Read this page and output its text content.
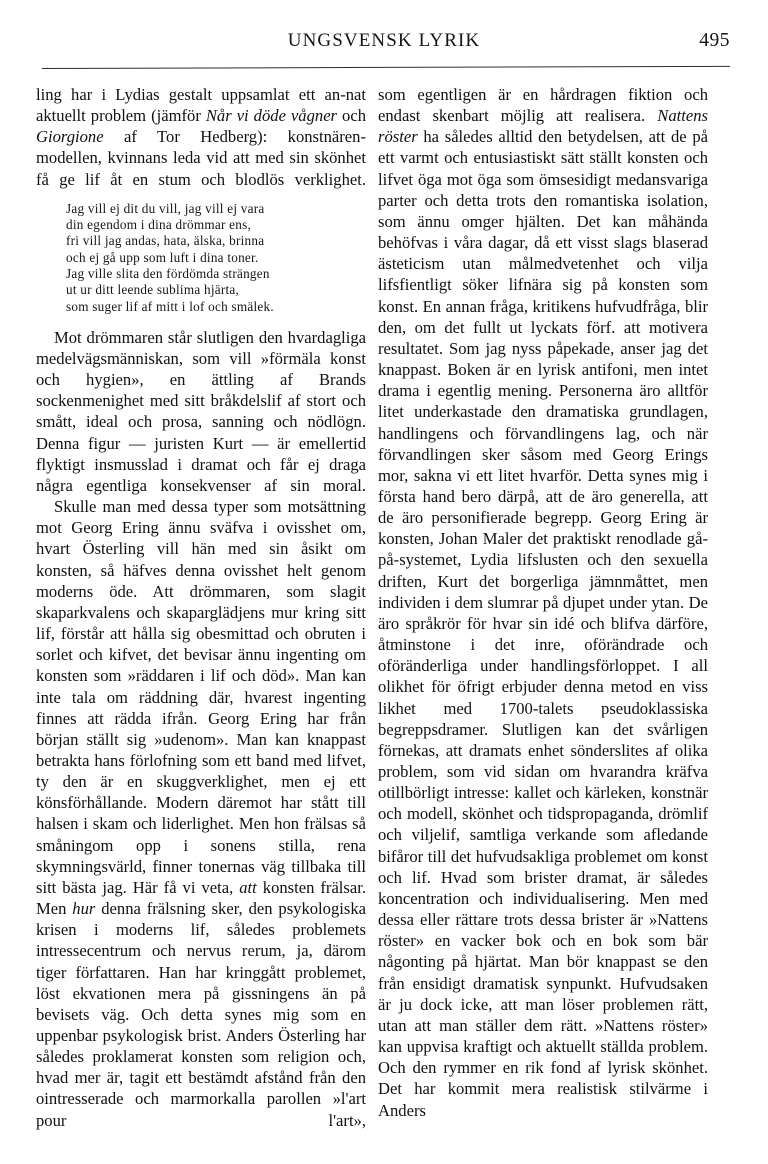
UNGSVENSK LYRIK	495

ling har i Lydias gestalt uppsamlat ett an-nat aktuellt problem (jämför Når vi döde vågner och Giorgione af Tor Hedberg): konstnären-modellen, kvinnans leda vid att med sin skönhet få ge lif åt en stum och blodlös verklighet.

Jag vill ej dit du vill, jag vill ej vara
din egendom i dina drömmar ens,
fri vill jag andas, hata, älska, brinna
och ej gå upp som luft i dina toner.
Jag ville slita den fördömda strängen
ut ur ditt leende sublima hjärta,
som suger lif af mitt i lof och smälek.

Mot drömmaren står slutligen den hvardagliga medelvägsmänniskan, som vill »förmäla konst och hygien», en ättling af Brands sockenmenighet med sitt bråkdelslif af stort och smått, ideal och prosa, sanning och nödlögn. Denna figur — juristen Kurt — är emellertid flyktigt insmusslad i dramat och får ej draga några egentliga konsekvenser af sin moral.

Skulle man med dessa typer som motsättning mot Georg Ering ännu sväfva i ovisshet om, hvart Österling vill hän med sin åsikt om konsten, så häfves denna ovisshet helt genom moderns öde. Att drömmaren, som slagit skaparkvalens och skaparglädjens mur kring sitt lif, förstår att hålla sig obesmittad och obruten i sorlet och kifvet, det bevisar ännu ingenting om konsten som »räddaren i lif och död». Man kan inte tala om räddning där, hvarest ingenting finnes att rädda ifrån. Georg Ering har från början ställt sig »udenom». Man kan knappast betrakta hans förlofning som ett band med lifvet, ty den är en skuggverklighet, men ej ett könsförhållande. Modern däremot har stått till halsen i skam och liderlighet. Men hon frälsas så småningom opp i sonens stilla, rena skymningsvärld, finner tonernas väg tillbaka till sitt bästa jag. Här få vi veta, att konsten frälsar. Men hur denna frälsning sker, den psykologiska krisen i moderns lif, således problemets intressecentrum och nervus rerum, ja, därom tiger författaren. Han har kringgått problemet, löst ekvationen mera på gissningens än på bevisets väg. Och detta synes mig som en uppenbar psykologisk brist. Anders Österling har således proklamerat konsten som religion och, hvad mer är, tagit ett bestämdt afstånd från den ointresserade och marmorkalla parollen »l'art pour l'art»,

som egentligen är en hårdragen fiktion och endast skenbart möjlig att realisera. Nattens röster ha således alltid den betydelsen, att de på ett varmt och entusiastiskt sätt ställt konsten och lifvet öga mot öga som ömsesidigt medansvariga parter och detta trots den romantiska isolation, som ännu omger hjälten. Det kan måhända behöfvas i våra dagar, då ett visst slags blaserad ästeticism utan målmedvetenhet och vilja lifsfientligt söker lifnära sig på konsten som konst. En annan fråga, kritikens hufvudfråga, blir den, om det fullt ut lyckats förf. att motivera resultatet. Som jag nyss påpekade, anser jag det knappast. Boken är en lyrisk antifoni, men intet drama i egentlig mening. Personerna äro alltför litet underkastade den dramatiska grundlagen, handlingens och förvandlingens lag, och när förvandlingen sker såsom med Georg Erings mor, sakna vi ett litet hvarför. Detta synes mig i första hand bero därpå, att de äro generella, att de äro personifierade begrepp. Georg Ering är konsten, Johan Maler det praktiskt renodlade gå-på-systemet, Lydia lifslusten och den sexuella driften, Kurt det borgerliga jämnmåttet, men individen i dem slumrar på djupet under ytan. De äro språkrör för hvar sin idé och blifva därföre, åtminstone i det inre, oförändrade och oföränderliga under handlingsförloppet. I all olikhet för öfrigt erbjuder denna metod en viss likhet med 1700-talets pseudoklassiska begreppsdramer. Slutligen kan det svårligen förnekas, att dramats enhet sönderslites af olika problem, som vid sidan om hvarandra kräfva otillbörligt intresse: kallet och kärleken, konstnär och modell, skönhet och tidspropaganda, drömlif och viljelif, samtliga verkande som afledande bifåror till det hufvudsakliga problemet om konst och lif. Hvad som brister dramat, är således koncentration och individualisering. Men med dessa eller rättare trots dessa brister är »Nattens röster» en vacker bok och en bok som bär någonting på hjärtat. Man bör knappast se den från ensidigt dramatisk synpunkt. Hufvudsaken är ju dock icke, att man löser problemen rätt, utan att man ställer dem rätt. »Nattens röster» kan uppvisa kraftigt och aktuellt ställda problem. Och den rymmer en rik fond af lyrisk skönhet. Det har kommit mera realistisk stilvärme i Anders
